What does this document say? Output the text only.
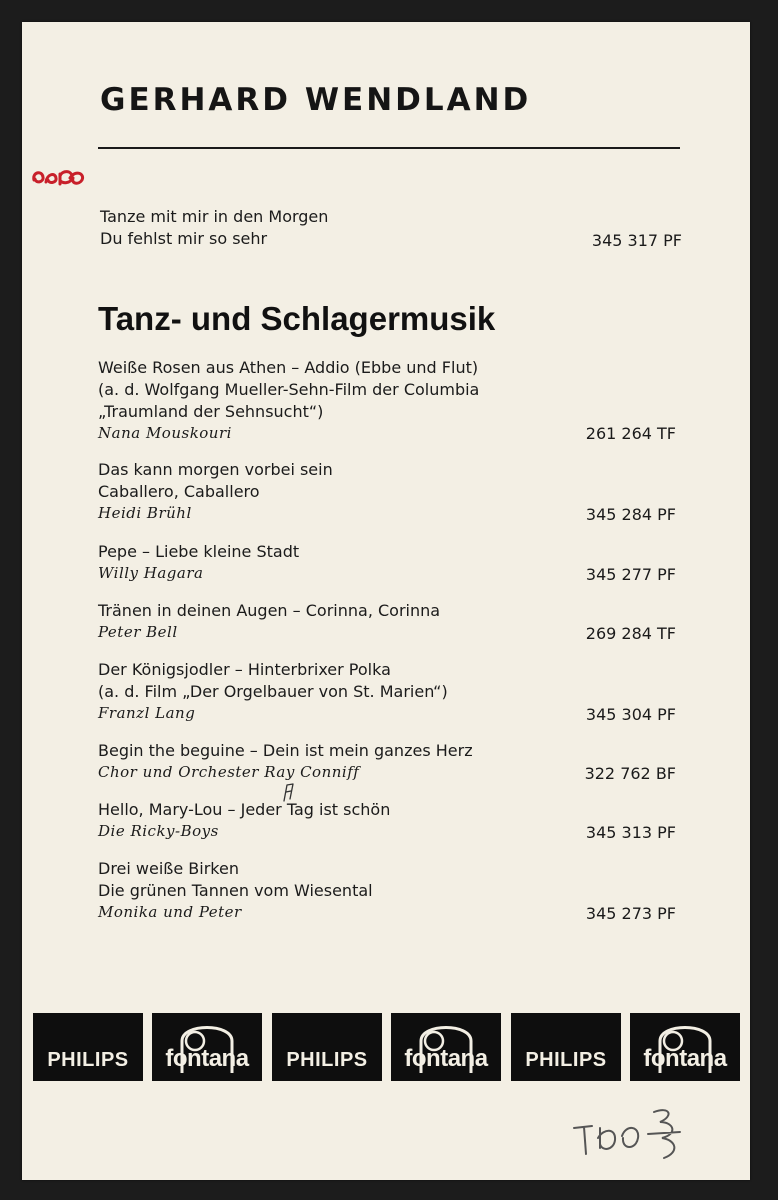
GERHARD WENDLAND
Tanze mit mir in den Morgen
Du fehlst mir so sehr	345 317 PF
Tanz- und Schlagermusik
Weiße Rosen aus Athen – Addio (Ebbe und Flut)
(a. d. Wolfgang Mueller-Sehn-Film der Columbia
„Traumland der Sehnsucht“)
Nana Mouskouri	261 264 TF
Das kann morgen vorbei sein
Caballero, Caballero
Heidi Brühl	345 284 PF
Pepe – Liebe kleine Stadt
Willy Hagara	345 277 PF
Tränen in deinen Augen – Corinna, Corinna
Peter Bell	269 284 TF
Der Königsjodler – Hinterbrixer Polka
(a. d. Film „Der Orgelbauer von St. Marien“)
Franzl Lang	345 304 PF
Begin the beguine – Dein ist mein ganzes Herz
Chor und Orchester Ray Conniff	322 762 BF
Hello, Mary-Lou – Jeder Tag ist schön
Die Ricky-Boys	345 313 PF
Drei weiße Birken
Die grünen Tannen vom Wiesental
Monika und Peter	345 273 PF
PHILIPS	fontana	PHILIPS	fontana	PHILIPS	fontana
